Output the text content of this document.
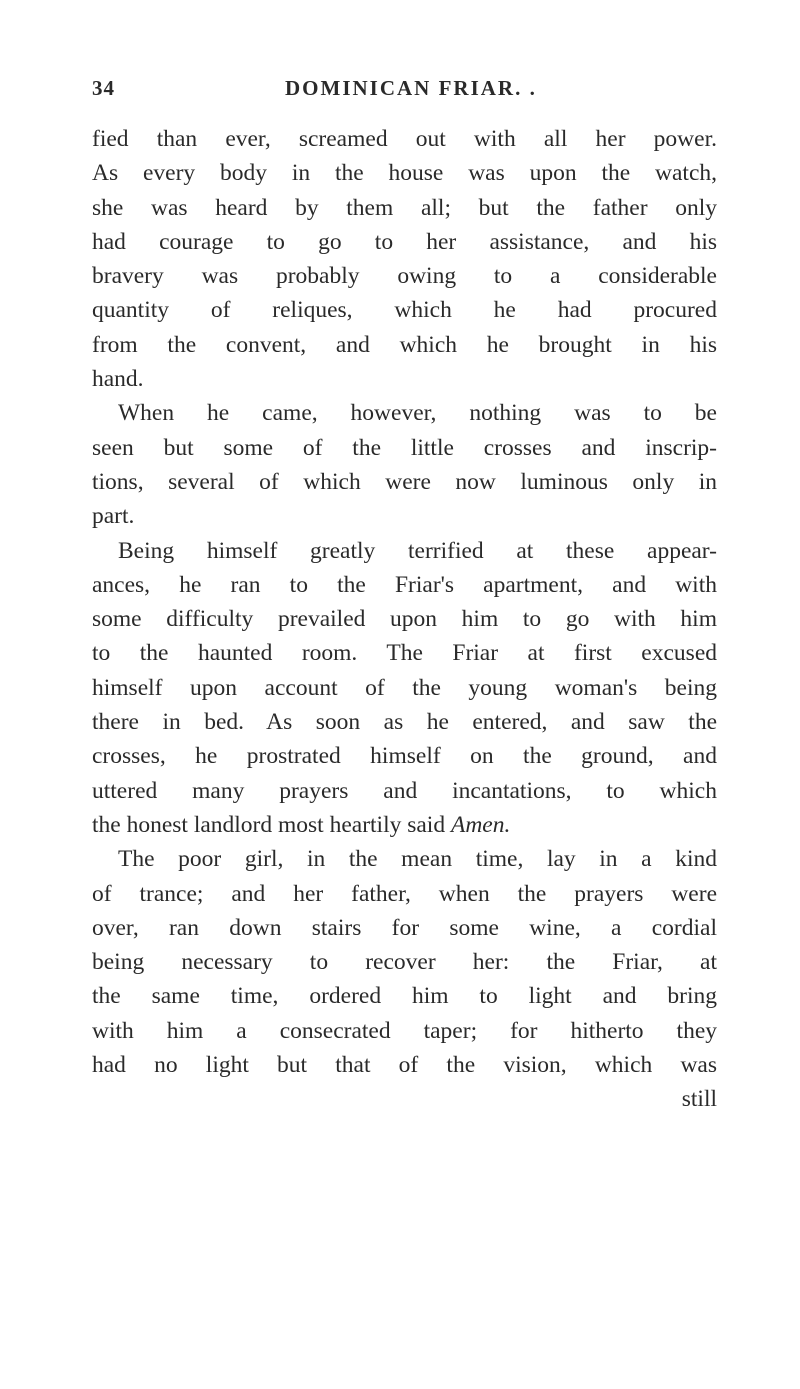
34	DOMINICAN FRIAR. .
fied than ever, screamed out with all her power.
As every body in the house was upon the watch,
she was heard by them all; but the father only
had courage to go to her assistance, and his
bravery was probably owing to a considerable
quantity of reliques, which he had procured
from the convent, and which he brought in his
hand.
When he came, however, nothing was to be
seen but some of the little crosses and inscrip-
tions, several of which were now luminous only in
part.
Being himself greatly terrified at these appear-
ances, he ran to the Friar's apartment, and with
some difficulty prevailed upon him to go with him
to the haunted room. The Friar at first excused
himself upon account of the young woman's being
there in bed. As soon as he entered, and saw the
crosses, he prostrated himself on the ground, and
uttered many prayers and incantations, to which
the honest landlord most heartily said Amen.
The poor girl, in the mean time, lay in a kind
of trance; and her father, when the prayers were
over, ran down stairs for some wine, a cordial
being necessary to recover her: the Friar, at
the same time, ordered him to light and bring
with him a consecrated taper; for hitherto they
had no light but that of the vision, which was
still
